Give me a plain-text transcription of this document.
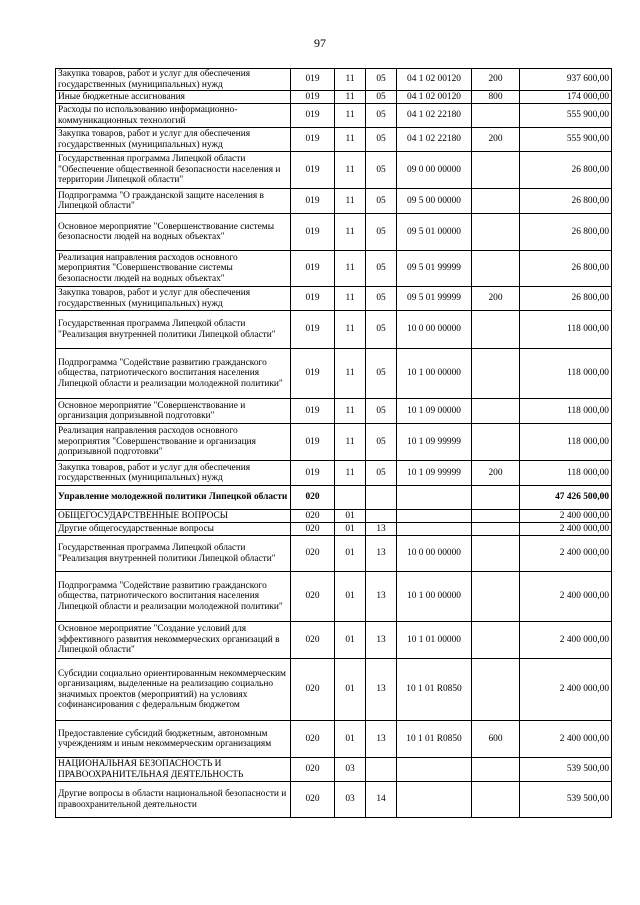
97
Закупка товаров, работ и услуг для обеспечения государственных (муниципальных) нужд	019	11	05	04 1 02 00120	200	937 600,00
Иные бюджетные ассигнования	019	11	05	04 1 02 00120	800	174 000,00
Расходы по использованию информационно-коммуникационных технологий	019	11	05	04 1 02 22180		555 900,00
Закупка товаров, работ и услуг для обеспечения государственных (муниципальных) нужд	019	11	05	04 1 02 22180	200	555 900,00
Государственная программа Липецкой области "Обеспечение общественной безопасности населения и территории Липецкой области"	019	11	05	09 0 00 00000		26 800,00
Подпрограмма "О гражданской защите населения в Липецкой области"	019	11	05	09 5 00 00000		26 800,00
Основное мероприятие "Совершенствование системы безопасности людей на водных объектах"	019	11	05	09 5 01 00000		26 800,00
Реализация направления расходов основного мероприятия "Совершенствование системы безопасности людей на водных объектах"	019	11	05	09 5 01 99999		26 800,00
Закупка товаров, работ и услуг для обеспечения государственных (муниципальных) нужд	019	11	05	09 5 01 99999	200	26 800,00
Государственная программа Липецкой области "Реализация внутренней политики Липецкой области"	019	11	05	10 0 00 00000		118 000,00
Подпрограмма "Содействие развитию гражданского общества, патриотического воспитания населения Липецкой области и реализации молодежной политики"	019	11	05	10 1 00 00000		118 000,00
Основное мероприятие "Совершенствование и организация допризывной подготовки"	019	11	05	10 1 09 00000		118 000,00
Реализация направления расходов основного мероприятия "Совершенствование и организация допризывной подготовки"	019	11	05	10 1 09 99999		118 000,00
Закупка товаров, работ и услуг для обеспечения государственных (муниципальных) нужд	019	11	05	10 1 09 99999	200	118 000,00
Управление молодежной политики Липецкой области	020					47 426 500,00
ОБЩЕГОСУДАРСТВЕННЫЕ ВОПРОСЫ	020	01				2 400 000,00
Другие общегосударственные вопросы	020	01	13			2 400 000,00
Государственная программа Липецкой области "Реализация внутренней политики Липецкой области"	020	01	13	10 0 00 00000		2 400 000,00
Подпрограмма "Содействие развитию гражданского общества, патриотического воспитания населения Липецкой области и реализации молодежной политики"	020	01	13	10 1 00 00000		2 400 000,00
Основное мероприятие "Создание условий для эффективного развития некоммерческих организаций в Липецкой области"	020	01	13	10 1 01 00000		2 400 000,00
Субсидии социально ориентированным некоммерческим организациям, выделенные на реализацию социально значимых проектов (мероприятий) на условиях софинансирования с федеральным бюджетом	020	01	13	10 1 01 R0850		2 400 000,00
Предоставление субсидий бюджетным, автономным учреждениям и иным некоммерческим организациям	020	01	13	10 1 01 R0850	600	2 400 000,00
НАЦИОНАЛЬНАЯ БЕЗОПАСНОСТЬ И ПРАВООХРАНИТЕЛЬНАЯ ДЕЯТЕЛЬНОСТЬ	020	03				539 500,00
Другие вопросы в области национальной безопасности и правоохранительной деятельности	020	03	14			539 500,00
